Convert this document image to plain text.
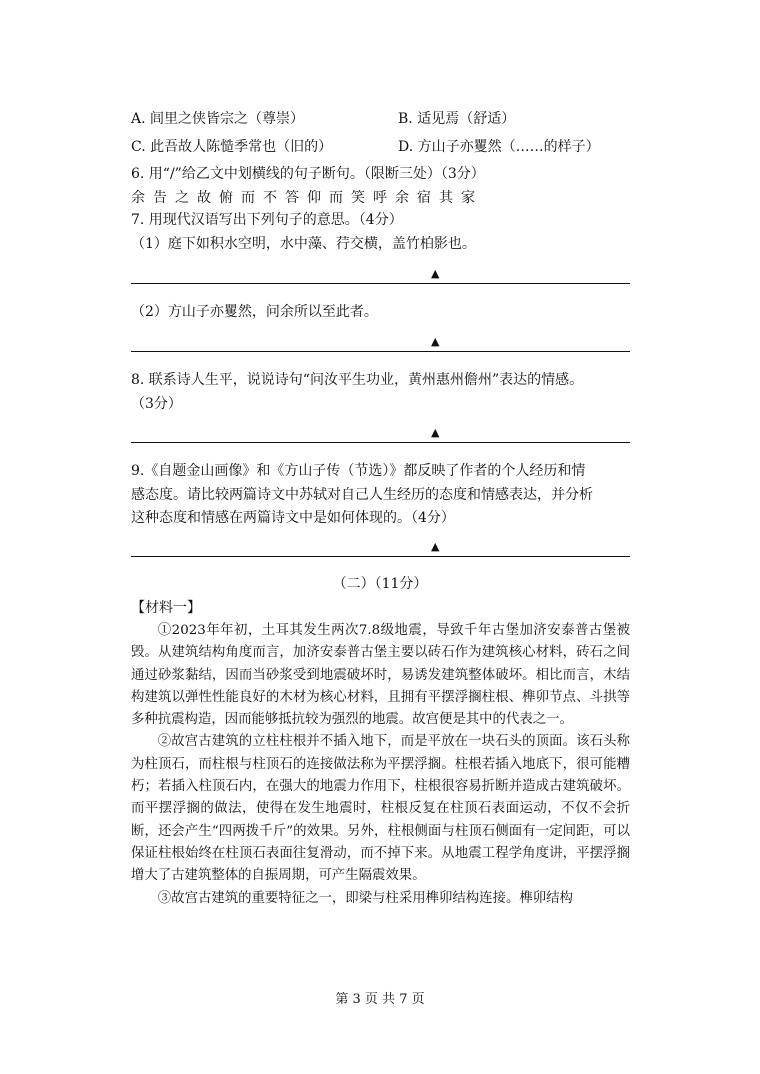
A. 闾里之侠皆宗之（尊崇）	B. 适见焉（舒适）
C. 此吾故人陈慥季常也（旧的）	D. 方山子亦矍然（……的样子）
6. 用“/”给乙文中划横线的句子断句。（限断三处）（3分）
余告之故俯而不答仰而笑呼余宿其家
7. 用现代汉语写出下列句子的意思。（4分）
（1）庭下如积水空明，水中藻、荇交横，盖竹柏影也。
▲
（2）方山子亦矍然，问余所以至此者。
▲
8. 联系诗人生平，说说诗句“问汝平生功业，黄州惠州儋州”表达的情感。
（3分）
▲
9.《自题金山画像》和《方山子传（节选）》都反映了作者的个人经历和情
感态度。请比较两篇诗文中苏轼对自己人生经历的态度和情感表达，并分析
这种态度和情感在两篇诗文中是如何体现的。（4分）
▲
（二）（11分）
【材料一】

①2023年年初，土耳其发生两次7.8级地震，导致千年古堡加济安泰普古堡被毁。从建筑结构角度而言，加济安泰普古堡主要以砖石作为建筑核心材料，砖石之间通过砂浆黏结，因而当砂浆受到地震破坏时，易诱发建筑整体破坏。相比而言，木结构建筑以弹性性能良好的木材为核心材料，且拥有平摆浮搁柱根、榫卯节点、斗拱等多种抗震构造，因而能够抵抗较为强烈的地震。故宫便是其中的代表之一。

②故宫古建筑的立柱柱根并不插入地下，而是平放在一块石头的顶面。该石头称为柱顶石，而柱根与柱顶石的连接做法称为平摆浮搁。柱根若插入地底下，很可能糟朽；若插入柱顶石内，在强大的地震力作用下，柱根很容易折断并造成古建筑破坏。而平摆浮搁的做法，使得在发生地震时，柱根反复在柱顶石表面运动，不仅不会折断，还会产生“四两拨千斤”的效果。另外，柱根侧面与柱顶石侧面有一定间距，可以保证柱根始终在柱顶石表面往复滑动，而不掉下来。从地震工程学角度讲，平摆浮搁增大了古建筑整体的自振周期，可产生隔震效果。

③故宫古建筑的重要特征之一，即梁与柱采用榫卯结构连接。榫卯结构

第 3 页 共 7 页
